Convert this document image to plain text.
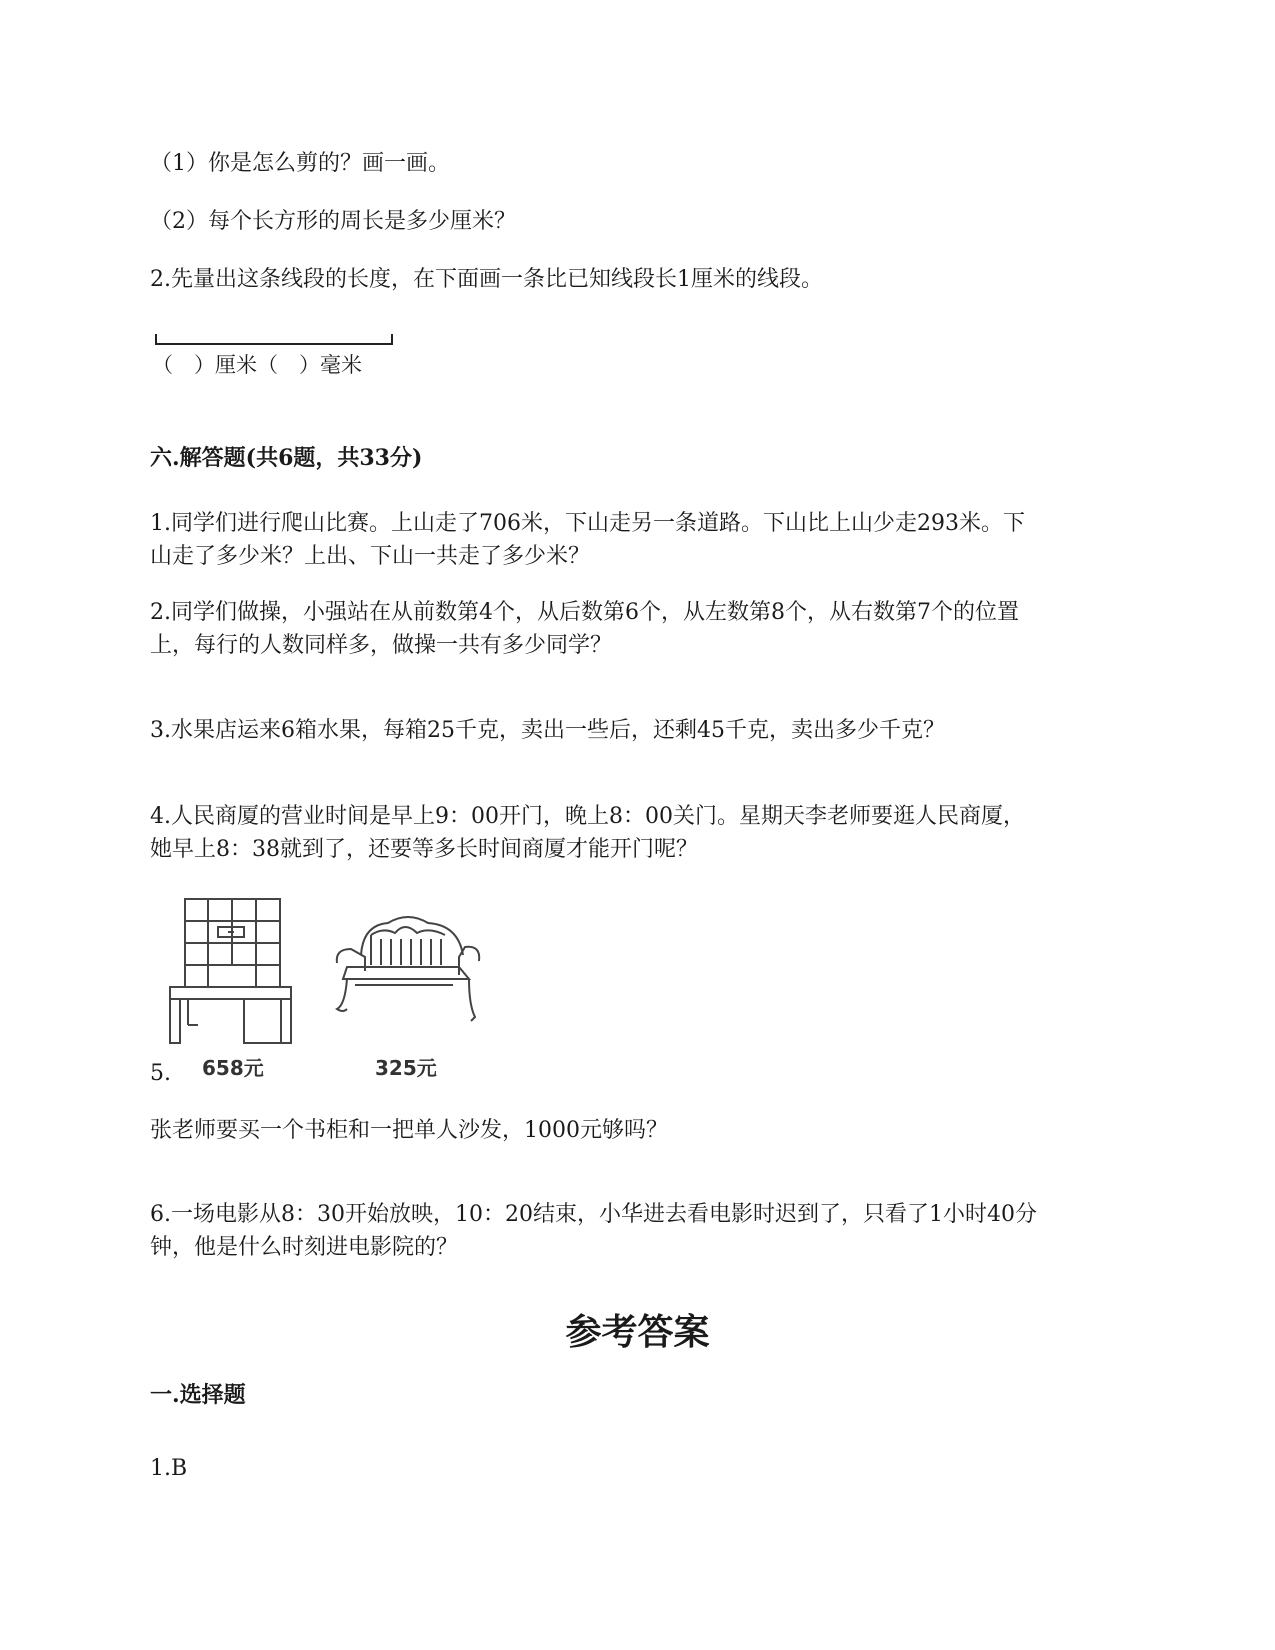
（1）你是怎么剪的？画一画。
（2）每个长方形的周长是多少厘米？
2.先量出这条线段的长度，在下面画一条比已知线段长1厘米的线段。
（　）厘米（　）毫米
六.解答题(共6题，共33分)
1.同学们进行爬山比赛。上山走了706米，下山走另一条道路。下山比上山少走293米。下
山走了多少米？上出、下山一共走了多少米？
2.同学们做操，小强站在从前数第4个，从后数第6个，从左数第8个，从右数第7个的位置
上，每行的人数同样多，做操一共有多少同学？
3.水果店运来6箱水果，每箱25千克，卖出一些后，还剩45千克，卖出多少千克？
4.人民商厦的营业时间是早上9：00开门，晚上8：00关门。星期天李老师要逛人民商厦，
她早上8：38就到了，还要等多长时间商厦才能开门呢？
658元	325元
5.
张老师要买一个书柜和一把单人沙发，1000元够吗？
6.一场电影从8：30开始放映，10：20结束，小华进去看电影时迟到了，只看了1小时40分
钟，他是什么时刻进电影院的？
参考答案
一.选择题
1.B
